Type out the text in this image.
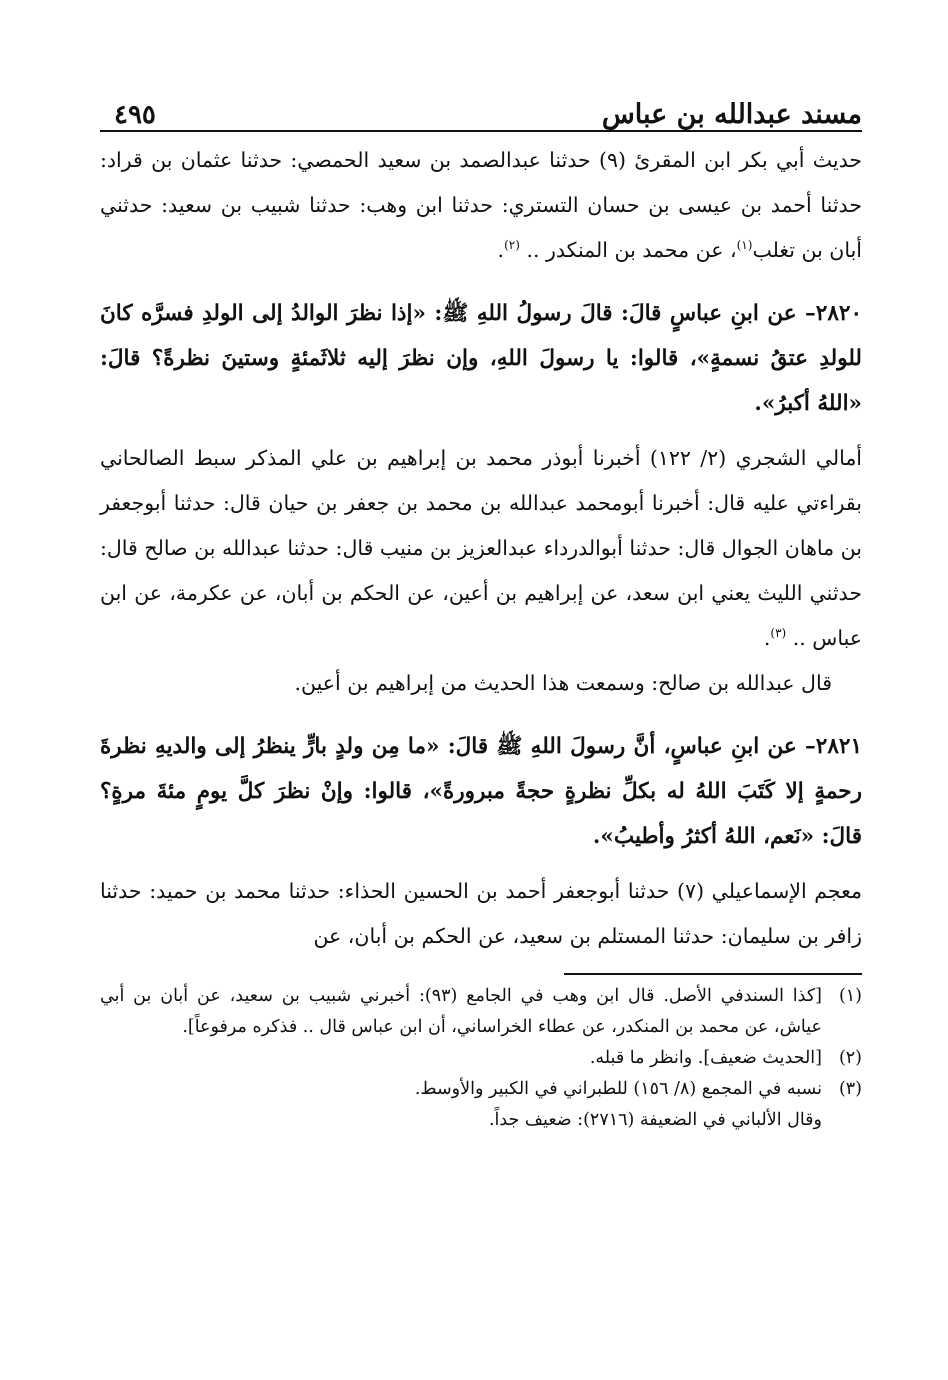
مسند عبدالله بن عباس
٤٩٥

حديث أبي بكر ابن المقرئ (٩) حدثنا عبدالصمد بن سعيد الحمصي: حدثنا عثمان بن قراد: حدثنا أحمد بن عيسى بن حسان التستري: حدثنا ابن وهب: حدثنا شبيب بن سعيد: حدثني أبان بن تغلب$^{(١)}$، عن محمد بن المنكدر .. $^{(٢)}$.

٢٨٢٠– عن ابنِ عباسٍ قالَ: قالَ رسولُ اللهِ ﷺ: «إذا نظرَ الوالدُ إلى الولدِ فسرَّه كانَ للولدِ عتقُ نسمةٍ»، قالوا: يا رسولَ اللهِ، وإن نظرَ إليه ثلاثَمئةٍ وستينَ نظرةً؟ قالَ: «اللهُ أكبرُ».

أمالي الشجري (٢/ ١٢٢) أخبرنا أبوذر محمد بن إبراهيم بن علي المذكر سبط الصالحاني بقراءتي عليه قال: أخبرنا أبومحمد عبدالله بن محمد بن جعفر بن حيان قال: حدثنا أبوجعفر بن ماهان الجوال قال: حدثنا أبوالدرداء عبدالعزيز بن منيب قال: حدثنا عبدالله بن صالح قال: حدثني الليث يعني ابن سعد، عن إبراهيم بن أعين، عن الحكم بن أبان، عن عكرمة، عن ابن عباس .. $^{(٣)}$.

قال عبدالله بن صالح: وسمعت هذا الحديث من إبراهيم بن أعين.

٢٨٢١– عن ابنِ عباسٍ، أنَّ رسولَ اللهِ ﷺ قالَ: «ما مِن ولدٍ بارٍّ ينظرُ إلى والديهِ نظرةَ رحمةٍ إلا كَتَبَ اللهُ له بكلِّ نظرةٍ حجةً مبرورةً»، قالوا: وإنْ نظرَ كلَّ يومٍ مئةَ مرةٍ؟ قالَ: «نَعم، اللهُ أكثرُ وأطيبُ».

معجم الإسماعيلي (٧) حدثنا أبوجعفر أحمد بن الحسين الحذاء: حدثنا محمد بن حميد: حدثنا زافر بن سليمان: حدثنا المستلم بن سعيد، عن الحكم بن أبان، عن

(١)
[كذا السندفي الأصل. قال ابن وهب في الجامع (٩٣): أخبرني شبيب بن سعيد، عن أبان بن أبي عياش، عن محمد بن المنكدر، عن عطاء الخراساني، أن ابن عباس قال .. فذكره مرفوعاً].
(٢)
[الحديث ضعيف]. وانظر ما قبله.
(٣)
نسبه في المجمع (٨/ ١٥٦) للطبراني في الكبير والأوسط.
وقال الألباني في الضعيفة (٢٧١٦): ضعيف جداً.
